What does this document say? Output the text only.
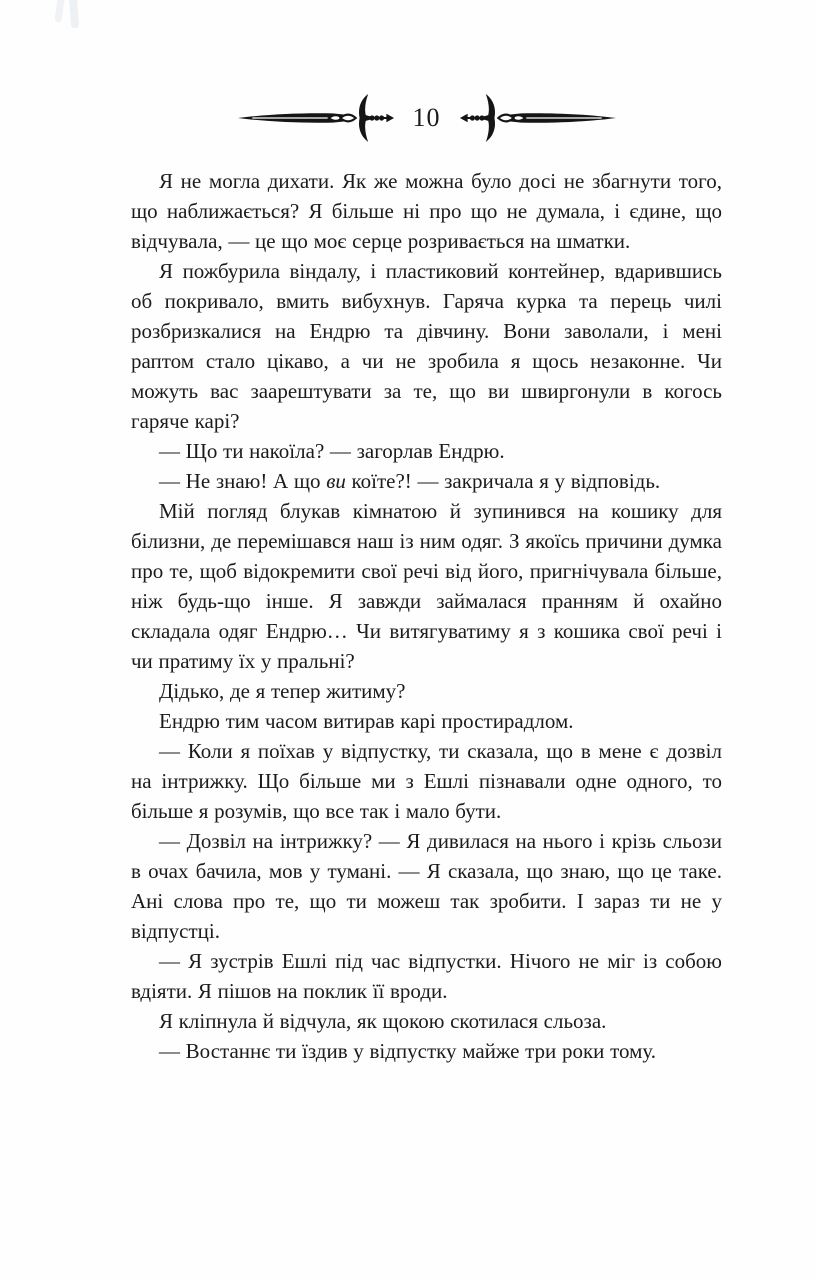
10

Я не могла дихати. Як же можна було досі не збагнути того, що наближається? Я більше ні про що не думала, і єдине, що відчувала, — це що моє серце розривається на шматки.

Я пожбурила віндалу, і пластиковий контейнер, вдарившись об покривало, вмить вибухнув. Гаряча курка та перець чилі розбризкалися на Ендрю та дівчину. Вони заволали, і мені раптом стало цікаво, а чи не зробила я щось незаконне. Чи можуть вас заарештувати за те, що ви швиргонули в когось гаряче карі?

— Що ти накоїла? — загорлав Ендрю.

— Не знаю! А що ви коїте?! — закричала я у відповідь.

Мій погляд блукав кімнатою й зупинився на кошику для білизни, де перемішався наш із ним одяг. З якоїсь причини думка про те, щоб відокремити свої речі від його, пригнічувала більше, ніж будь-що інше. Я завжди займалася пранням й охайно складала одяг Ендрю… Чи витягуватиму я з кошика свої речі і чи пратиму їх у пральні?

Дідько, де я тепер житиму?

Ендрю тим часом витирав карі простирадлом.

— Коли я поїхав у відпустку, ти сказала, що в мене є дозвіл на інтрижку. Що більше ми з Ешлі пізнавали одне одного, то більше я розумів, що все так і мало бути.

— Дозвіл на інтрижку? — Я дивилася на нього і крізь сльози в очах бачила, мов у тумані. — Я сказала, що знаю, що це таке. Ані слова про те, що ти можеш так зробити. І зараз ти не у відпустці.

— Я зустрів Ешлі під час відпустки. Нічого не міг із собою вдіяти. Я пішов на поклик її вроди.

Я кліпнула й відчула, як щокою скотилася сльоза.

— Востаннє ти їздив у відпустку майже три роки тому.
